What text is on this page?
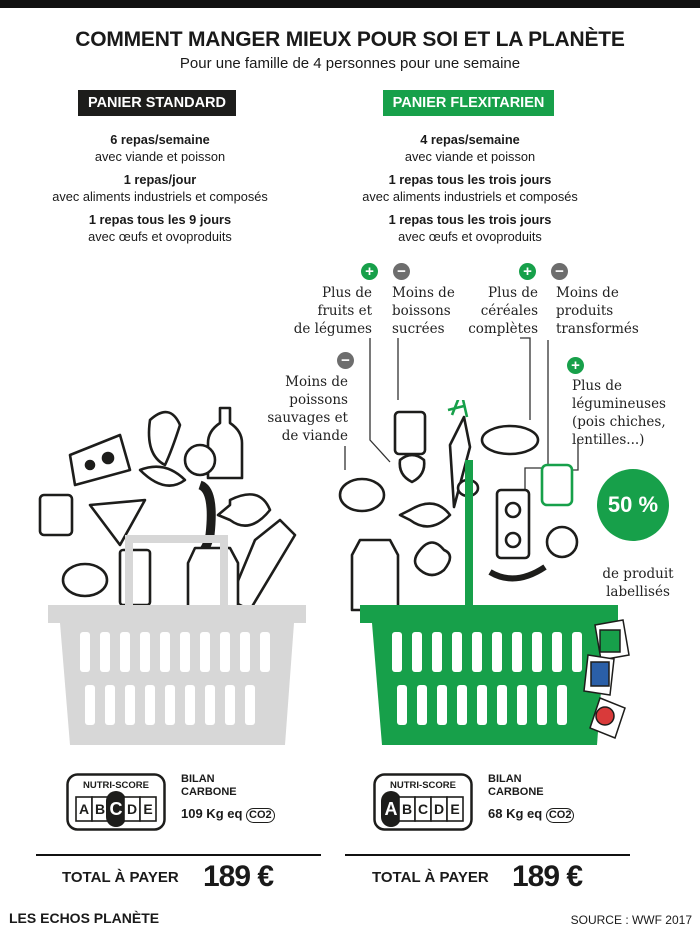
COMMENT MANGER MIEUX POUR SOI ET LA PLANÈTE
Pour une famille de 4 personnes pour une semaine
PANIER STANDARD	PANIER FLEXITARIEN
6 repas/semaine
avec viande et poisson
1 repas/jour
avec aliments industriels et composés
1 repas tous les 9 jours
avec œufs et ovoproduits
4 repas/semaine
avec viande et poisson
1 repas tous les trois jours
avec aliments industriels et composés
1 repas tous les trois jours
avec œufs et ovoproduits
+
Plus de
fruits et
de légumes
−
Moins de
boissons
sucrées
+
Plus de
céréales
complètes
−
Moins de
produits
transformés
−
Moins de
poissons
sauvages et
de viande
+
Plus de
légumineuses
(pois chiches,
lentilles...)
50 %
de produit
labellisés
NUTRI-SCORE
A B C D E
BILAN
CARBONE
109 Kg eq CO2
NUTRI-SCORE
A B C D E
BILAN
CARBONE
68 Kg eq CO2
TOTAL À PAYER 189 €	TOTAL À PAYER 189 €
LES ECHOS PLANÈTE	SOURCE : WWF 2017
